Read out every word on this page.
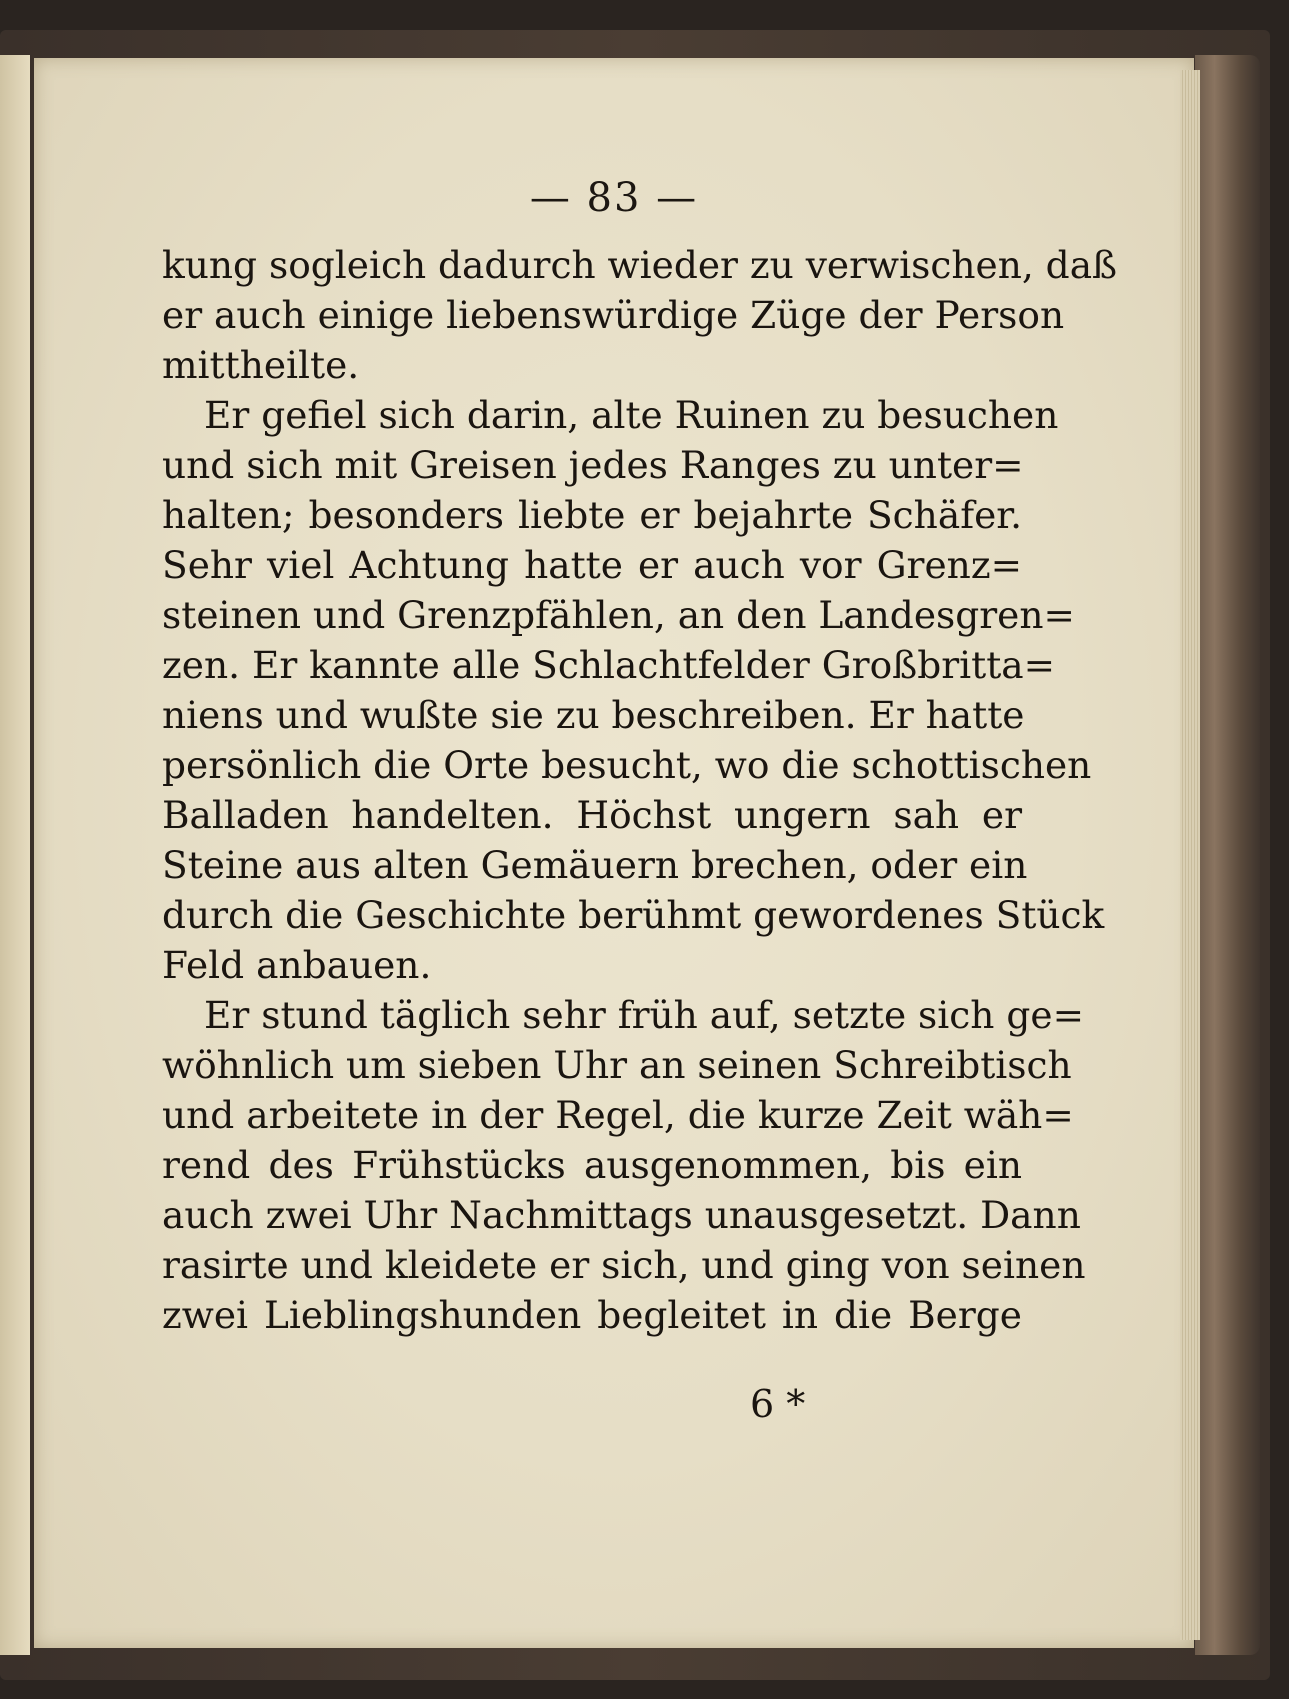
— 83 —
kung sogleich dadurch wieder zu verwischen, daß
er auch einige liebenswürdige Züge der Person
mittheilte.
Er gefiel sich darin, alte Ruinen zu besuchen
und sich mit Greisen jedes Ranges zu unter=
halten; besonders liebte er bejahrte Schäfer.
Sehr viel Achtung hatte er auch vor Grenz=
steinen und Grenzpfählen, an den Landesgren=
zen. Er kannte alle Schlachtfelder Großbritta=
niens und wußte sie zu beschreiben. Er hatte
persönlich die Orte besucht, wo die schottischen
Balladen handelten. Höchst ungern sah er
Steine aus alten Gemäuern brechen, oder ein
durch die Geschichte berühmt gewordenes Stück
Feld anbauen.
Er stund täglich sehr früh auf, setzte sich ge=
wöhnlich um sieben Uhr an seinen Schreibtisch
und arbeitete in der Regel, die kurze Zeit wäh=
rend des Frühstücks ausgenommen, bis ein
auch zwei Uhr Nachmittags unausgesetzt. Dann
rasirte und kleidete er sich, und ging von seinen
zwei Lieblingshunden begleitet in die Berge
6 *
